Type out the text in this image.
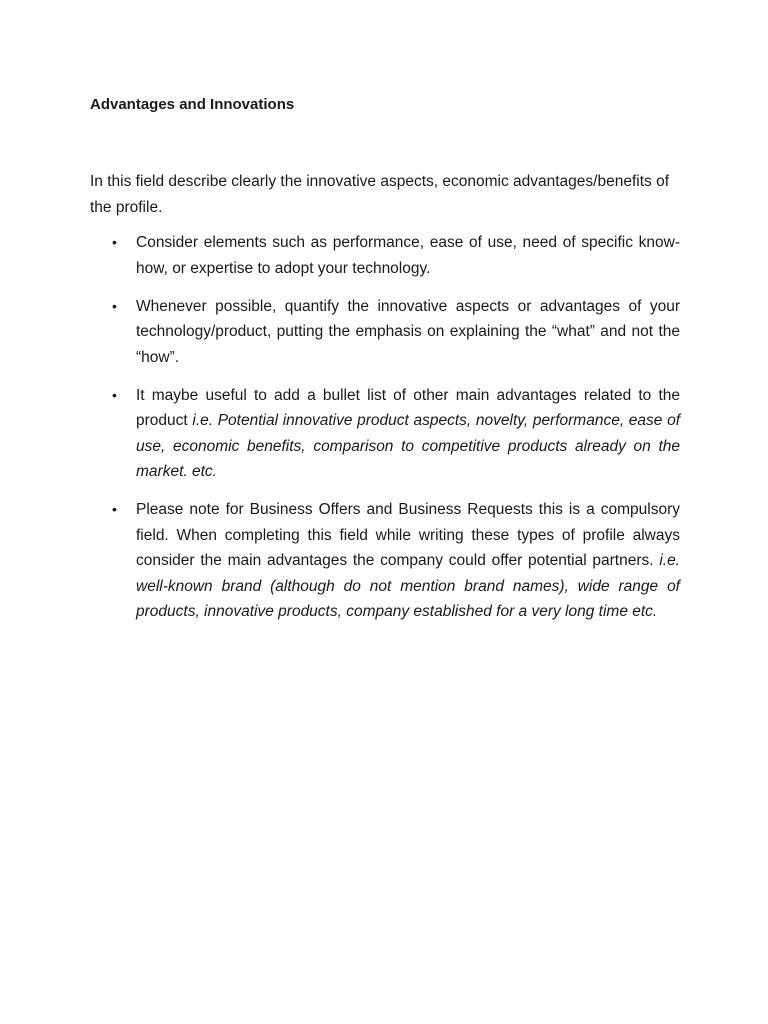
Advantages and Innovations

In this field describe clearly the innovative aspects, economic advantages/benefits of the profile.

• Consider elements such as performance, ease of use, need of specific know-how, or expertise to adopt your technology.
• Whenever possible, quantify the innovative aspects or advantages of your technology/product, putting the emphasis on explaining the “what” and not the “how”.
• It maybe useful to add a bullet list of other main advantages related to the product i.e. Potential innovative product aspects, novelty, performance, ease of use, economic benefits, comparison to competitive products already on the market. etc.
• Please note for Business Offers and Business Requests this is a compulsory field. When completing this field while writing these types of profile always consider the main advantages the company could offer potential partners. i.e. well-known brand (although do not mention brand names), wide range of products, innovative products, company established for a very long time etc.
